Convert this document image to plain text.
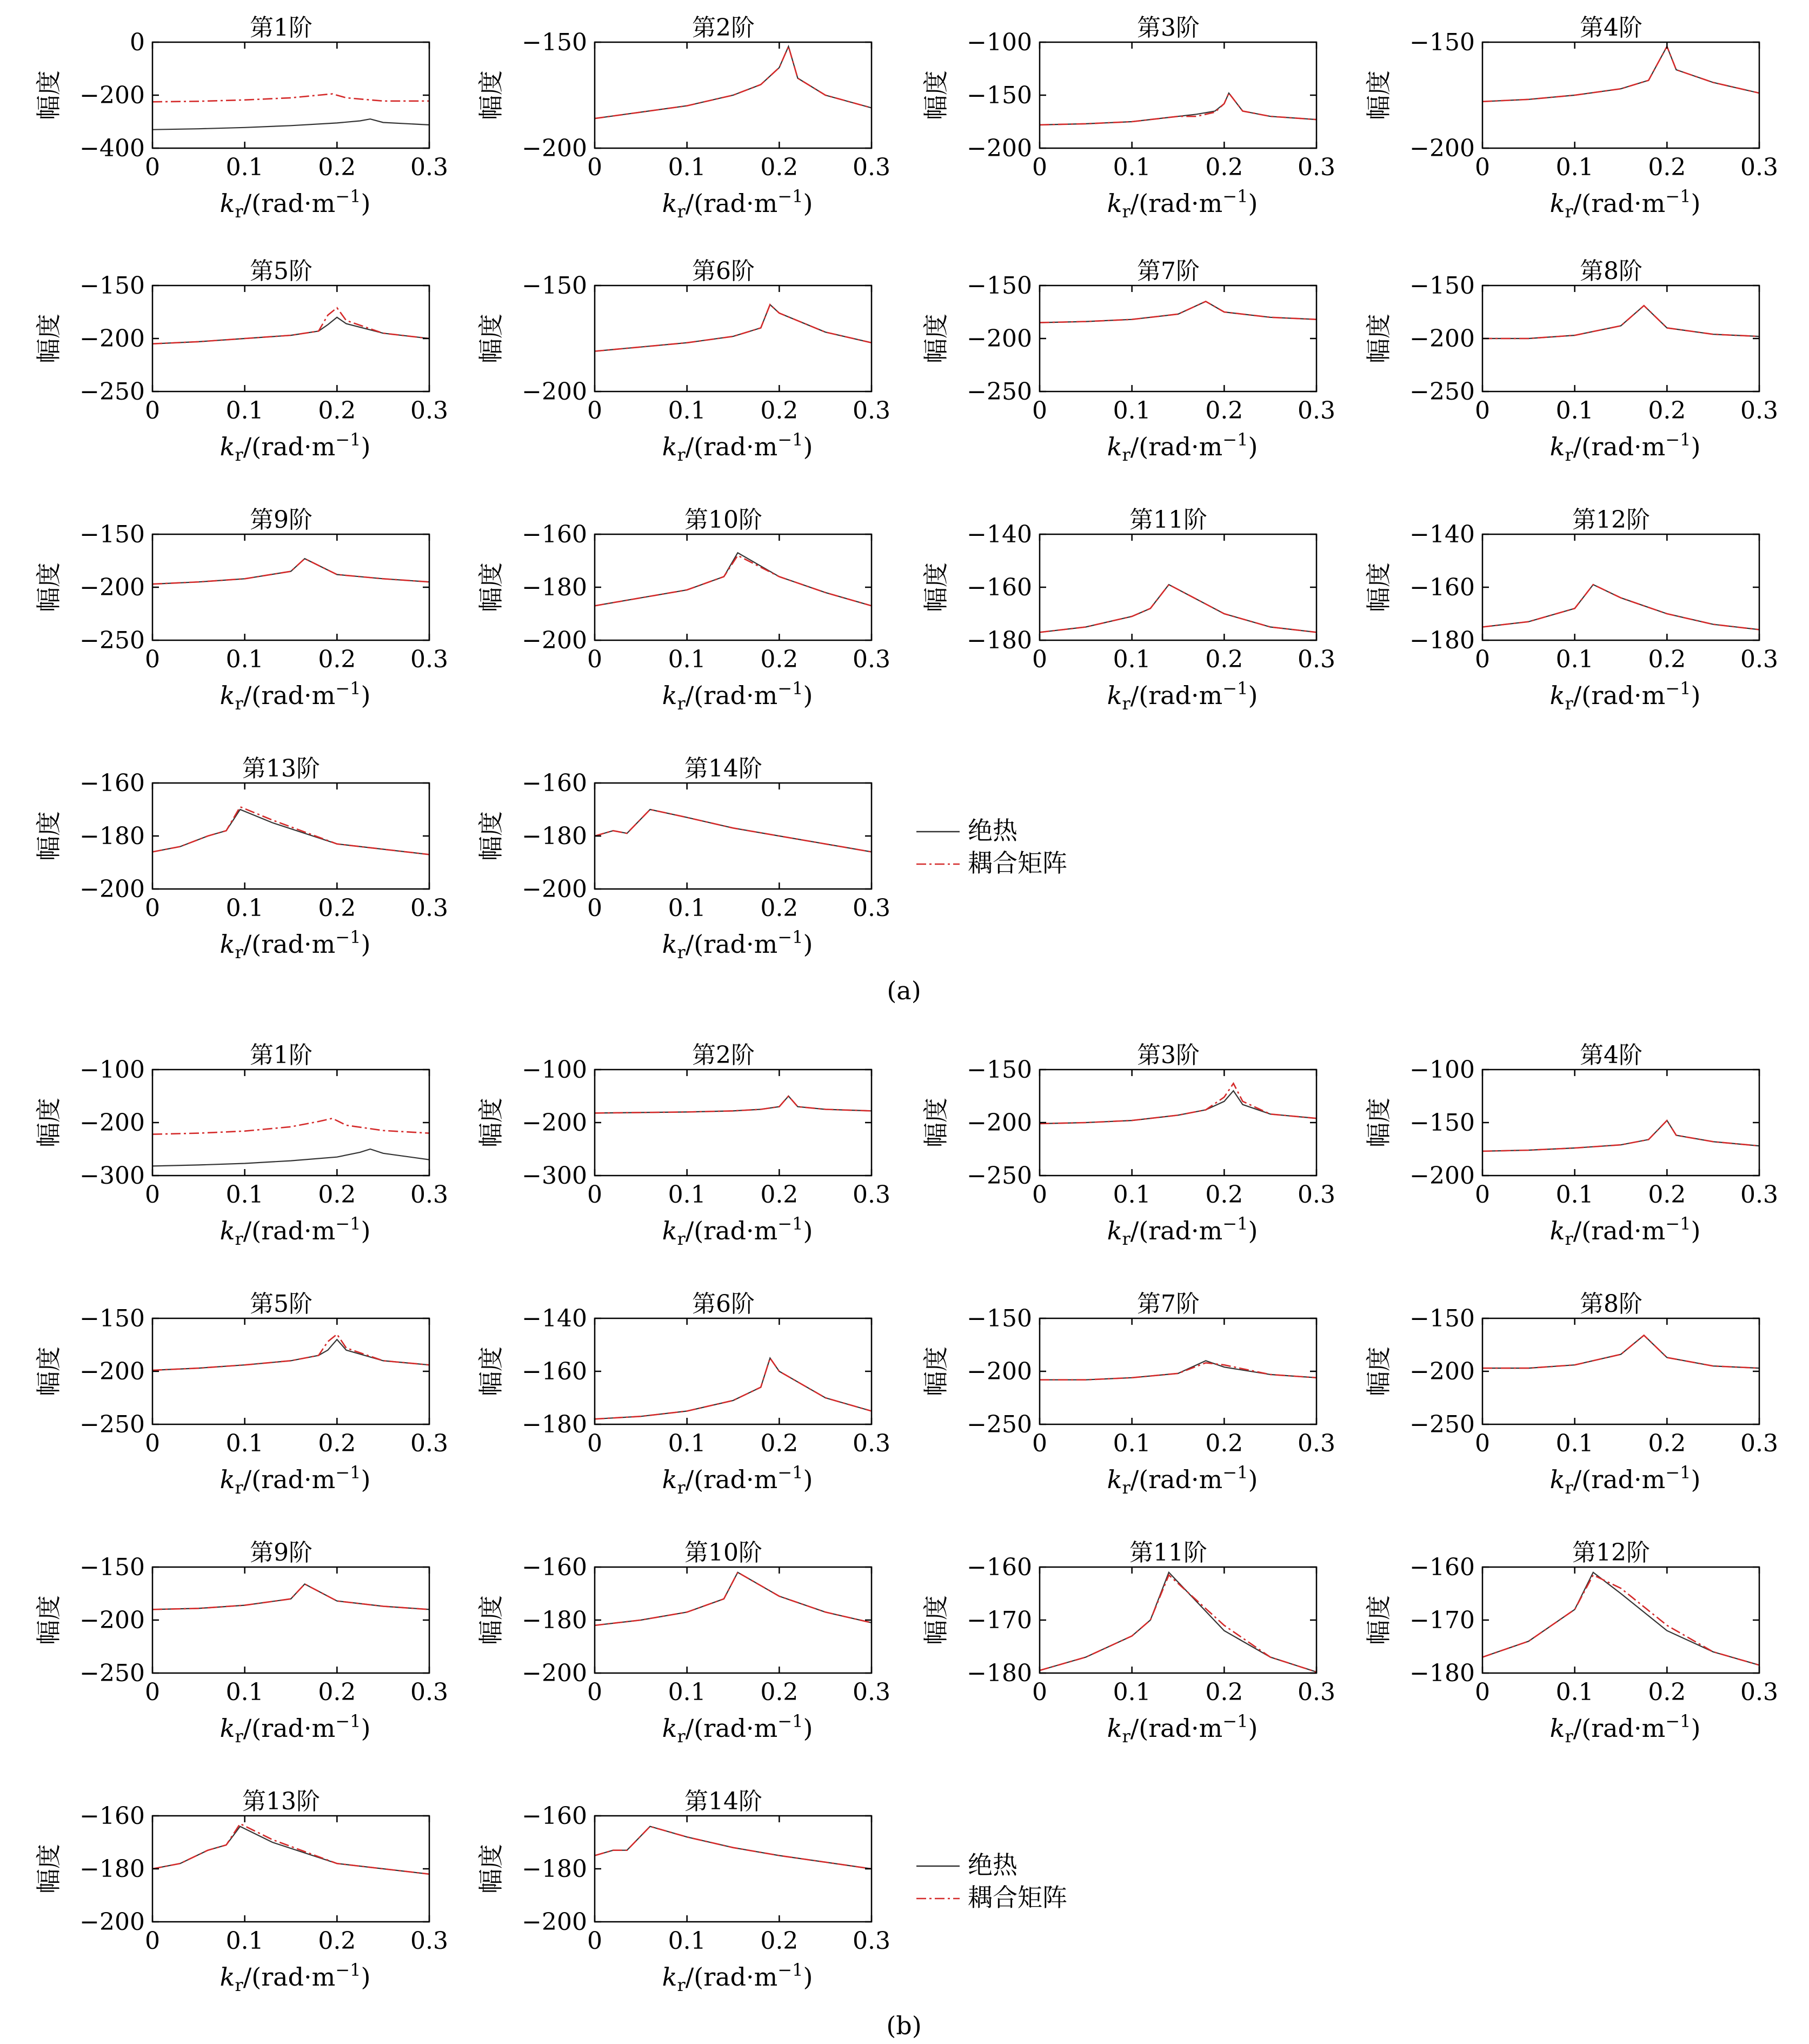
0
−200
−400
0	0.1 0.2 0.3
第1阶
幅度
$k_r/(rad\cdot m^{-1})$
−150
−200
0	0.1 0.2 0.3
第2阶
幅度
$k_r/(rad\cdot m^{-1})$
−100
−150
−200
0	0.1 0.2 0.3
第3阶
幅度
$k_r/(rad\cdot m^{-1})$
−150
−200
0	0.1 0.2 0.3
第4阶
幅度
$k_r/(rad\cdot m^{-1})$
−150
−200
−250
0	0.1 0.2 0.3
第5阶
幅度
$k_r/(rad\cdot m^{-1})$
−150
−200
0	0.1 0.2 0.3
第6阶
幅度
$k_r/(rad\cdot m^{-1})$
−150
−200
−250
0	0.1 0.2 0.3
第7阶
幅度
$k_r/(rad\cdot m^{-1})$
−150
−200
−250
0	0.1 0.2 0.3
第8阶
幅度
$k_r/(rad\cdot m^{-1})$
−150
−200
−250
0	0.1 0.2 0.3
第9阶
幅度
$k_r/(rad\cdot m^{-1})$
−160
−180
−200
0	0.1 0.2 0.3
第10阶
幅度
$k_r/(rad\cdot m^{-1})$
−140
−160
−180
0	0.1 0.2 0.3
第11阶
幅度
$k_r/(rad\cdot m^{-1})$
−140
−160
−180
0	0.1 0.2 0.3
第12阶
幅度
$k_r/(rad\cdot m^{-1})$
−160
−180
−200
0	0.1 0.2 0.3
第13阶
幅度
$k_r/(rad\cdot m^{-1})$
−160
−180
−200
0	0.1 0.2 0.3
第14阶
幅度
$k_r/(rad\cdot m^{-1})$
−100
−200
−300
0	0.1 0.2 0.3
第1阶
幅度
$k_r/(rad\cdot m^{-1})$
−100
−200
−300
0	0.1 0.2 0.3
第2阶
幅度
$k_r/(rad\cdot m^{-1})$
−150
−200
−250
0	0.1 0.2 0.3
第3阶
幅度
$k_r/(rad\cdot m^{-1})$
−100
−150
−200
0	0.1 0.2 0.3
第4阶
幅度
$k_r/(rad\cdot m^{-1})$
−150
−200
−250
0	0.1 0.2 0.3
第5阶
幅度
$k_r/(rad\cdot m^{-1})$
−140
−160
−180
0	0.1 0.2 0.3
第6阶
幅度
$k_r/(rad\cdot m^{-1})$
−150
−200
−250
0	0.1 0.2 0.3
第7阶
幅度
$k_r/(rad\cdot m^{-1})$
−150
−200
−250
0	0.1 0.2 0.3
第8阶
幅度
$k_r/(rad\cdot m^{-1})$
−150
−200
−250
0	0.1 0.2 0.3
第9阶
幅度
$k_r/(rad\cdot m^{-1})$
−160
−180
−200
0	0.1 0.2 0.3
第10阶
幅度
$k_r/(rad\cdot m^{-1})$
−160
−170
−180
0	0.1 0.2 0.3
第11阶
幅度
$k_r/(rad\cdot m^{-1})$
−160
−170
−180
0	0.1 0.2 0.3
第12阶
幅度
$k_r/(rad\cdot m^{-1})$
−160
−180
−200
0	0.1 0.2 0.3
第13阶
幅度
$k_r/(rad\cdot m^{-1})$
−160
−180
−200
0	0.1 0.2 0.3
第14阶
幅度
$k_r/(rad\cdot m^{-1})$
绝热
耦合矩阵
绝热
耦合矩阵
(a)
(b)
